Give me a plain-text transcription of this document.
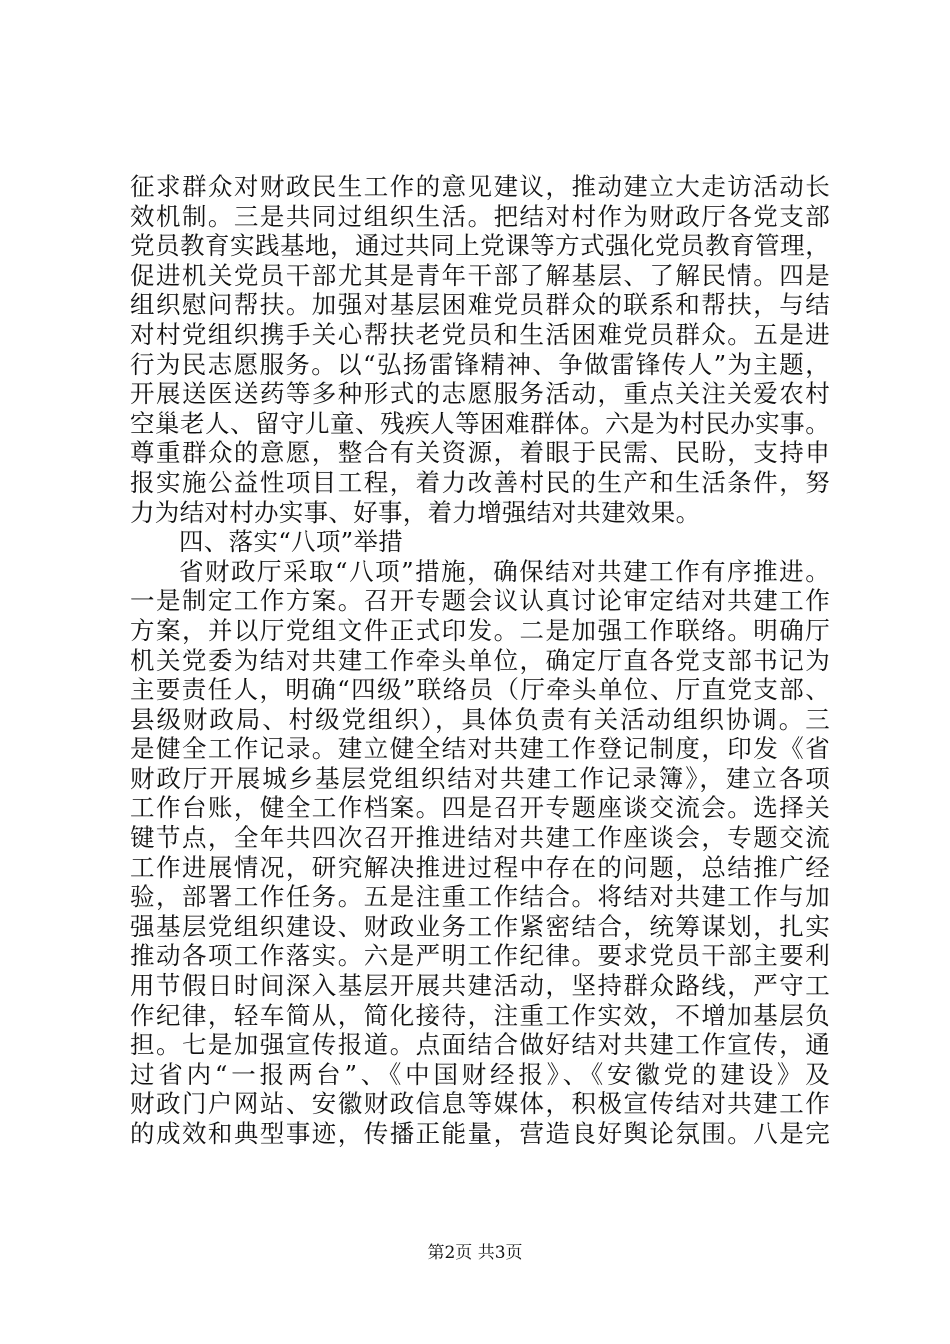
征求群众对财政民生工作的意见建议，推动建立大走访活动长
效机制。三是共同过组织生活。把结对村作为财政厅各党支部
党员教育实践基地，通过共同上党课等方式强化党员教育管理，
促进机关党员干部尤其是青年干部了解基层、了解民情。四是
组织慰问帮扶。加强对基层困难党员群众的联系和帮扶，与结
对村党组织携手关心帮扶老党员和生活困难党员群众。五是进
行为民志愿服务。以“弘扬雷锋精神、争做雷锋传人”为主题，
开展送医送药等多种形式的志愿服务活动，重点关注关爱农村
空巢老人、留守儿童、残疾人等困难群体。六是为村民办实事。
尊重群众的意愿，整合有关资源，着眼于民需、民盼，支持申
报实施公益性项目工程，着力改善村民的生产和生活条件，努
力为结对村办实事、好事，着力增强结对共建效果。
四、落实“八项”举措
省财政厅采取“八项”措施，确保结对共建工作有序推进。
一是制定工作方案。召开专题会议认真讨论审定结对共建工作
方案，并以厅党组文件正式印发。二是加强工作联络。明确厅
机关党委为结对共建工作牵头单位，确定厅直各党支部书记为
主要责任人，明确“四级”联络员（厅牵头单位、厅直党支部、
县级财政局、村级党组织），具体负责有关活动组织协调。三
是健全工作记录。建立健全结对共建工作登记制度，印发《省
财政厅开展城乡基层党组织结对共建工作记录簿》，建立各项
工作台账，健全工作档案。四是召开专题座谈交流会。选择关
键节点，全年共四次召开推进结对共建工作座谈会，专题交流
工作进展情况，研究解决推进过程中存在的问题，总结推广经
验，部署工作任务。五是注重工作结合。将结对共建工作与加
强基层党组织建设、财政业务工作紧密结合，统筹谋划，扎实
推动各项工作落实。六是严明工作纪律。要求党员干部主要利
用节假日时间深入基层开展共建活动，坚持群众路线，严守工
作纪律，轻车简从，简化接待，注重工作实效，不增加基层负
担。七是加强宣传报道。点面结合做好结对共建工作宣传，通
过省内“一报两台”、《中国财经报》、《安徽党的建设》及
财政门户网站、安徽财政信息等媒体，积极宣传结对共建工作
的成效和典型事迹，传播正能量，营造良好舆论氛围。八是完
第2页 共3页
